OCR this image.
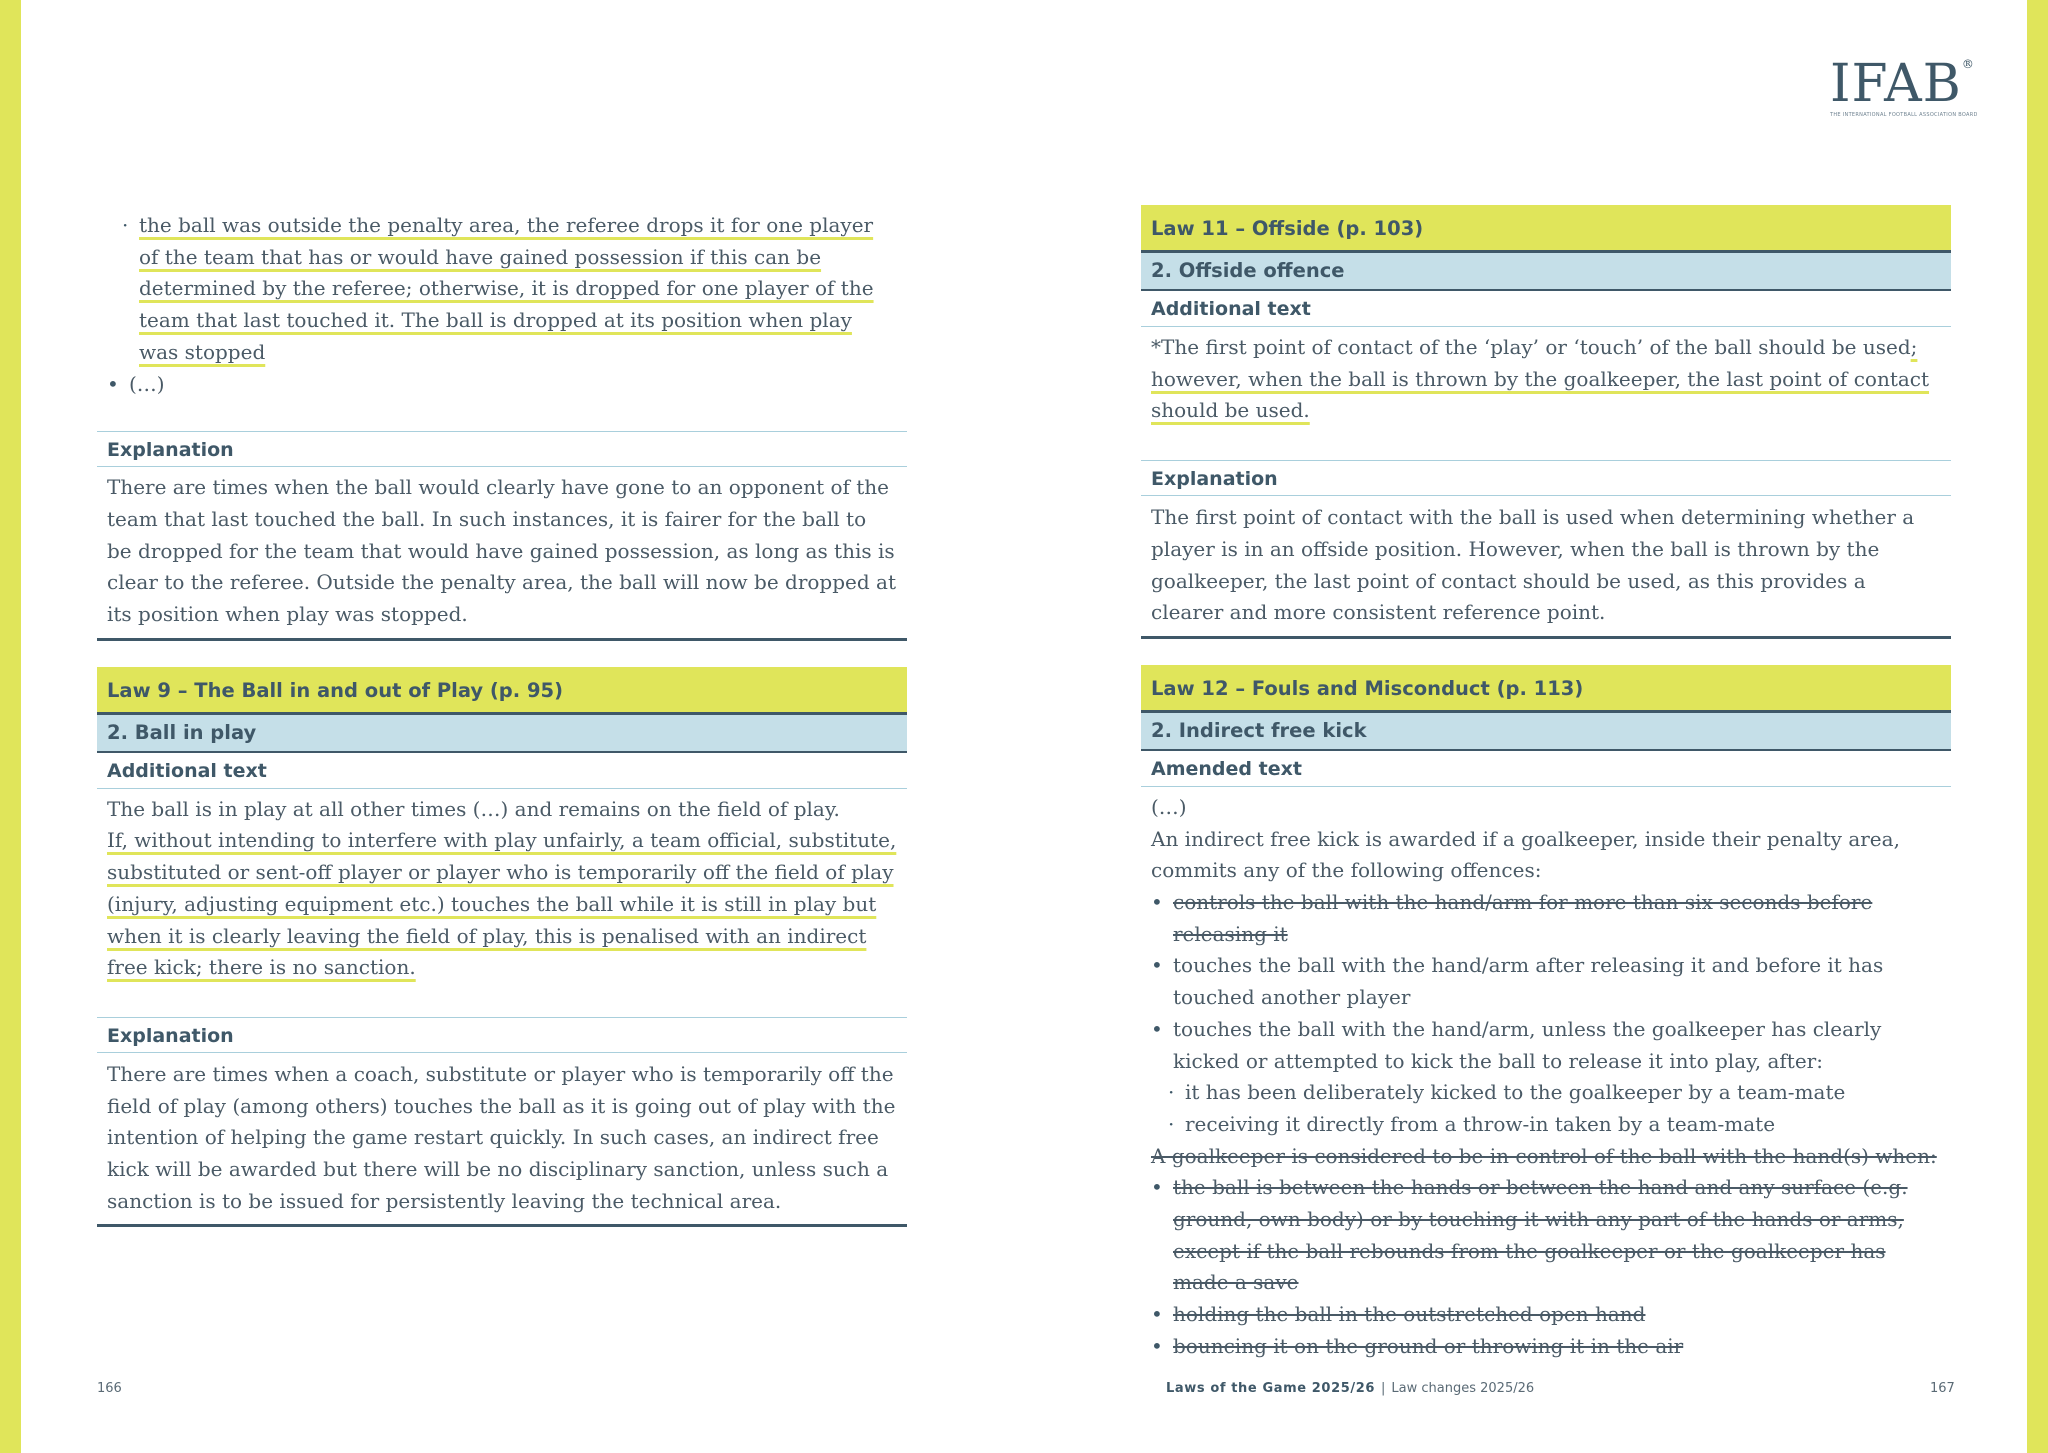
IFAB®
THE INTERNATIONAL FOOTBALL ASSOCIATION BOARD
· the ball was outside the penalty area, the referee drops it for one player of the team that has or would have gained possession if this can be determined by the referee; otherwise, it is dropped for one player of the team that last touched it. The ball is dropped at its position when play was stopped
• (…)
Explanation

There are times when the ball would clearly have gone to an opponent of the team that last touched the ball. In such instances, it is fairer for the ball to be dropped for the team that would have gained possession, as long as this is clear to the referee. Outside the penalty area, the ball will now be dropped at its position when play was stopped.

Law 9 – The Ball in and out of Play (p. 95)
2. Ball in play
Additional text

The ball is in play at all other times (…) and remains on the field of play.

If, without intending to interfere with play unfairly, a team official, substitute, substituted or sent-off player or player who is temporarily off the field of play (injury, adjusting equipment etc.) touches the ball while it is still in play but when it is clearly leaving the field of play, this is penalised with an indirect free kick; there is no sanction.

Explanation

There are times when a coach, substitute or player who is temporarily off the field of play (among others) touches the ball as it is going out of play with the intention of helping the game restart quickly. In such cases, an indirect free kick will be awarded but there will be no disciplinary sanction, unless such a sanction is to be issued for persistently leaving the technical area.

Law 11 – Offside (p. 103)
2. Offside offence
Additional text

*The first point of contact of the ‘play’ or ‘touch’ of the ball should be used; however, when the ball is thrown by the goalkeeper, the last point of contact should be used.

Explanation

The first point of contact with the ball is used when determining whether a player is in an offside position. However, when the ball is thrown by the goalkeeper, the last point of contact should be used, as this provides a clearer and more consistent reference point.

Law 12 – Fouls and Misconduct (p. 113)
2. Indirect free kick
Amended text

(…)

An indirect free kick is awarded if a goalkeeper, inside their penalty area, commits any of the following offences:

• controls the ball with the hand/arm for more than six seconds before releasing it
• touches the ball with the hand/arm after releasing it and before it has touched another player
• touches the ball with the hand/arm, unless the goalkeeper has clearly kicked or attempted to kick the ball to release it into play, after:
· it has been deliberately kicked to the goalkeeper by a team-mate
· receiving it directly from a throw-in taken by a team-mate

A goalkeeper is considered to be in control of the ball with the hand(s) when:

• the ball is between the hands or between the hand and any surface (e.g. ground, own body) or by touching it with any part of the hands or arms, except if the ball rebounds from the goalkeeper or the goalkeeper has made a save
• holding the ball in the outstretched open hand
• bouncing it on the ground or throwing it in the air
166	Laws of the Game 2025/26 | Law changes 2025/26	167
